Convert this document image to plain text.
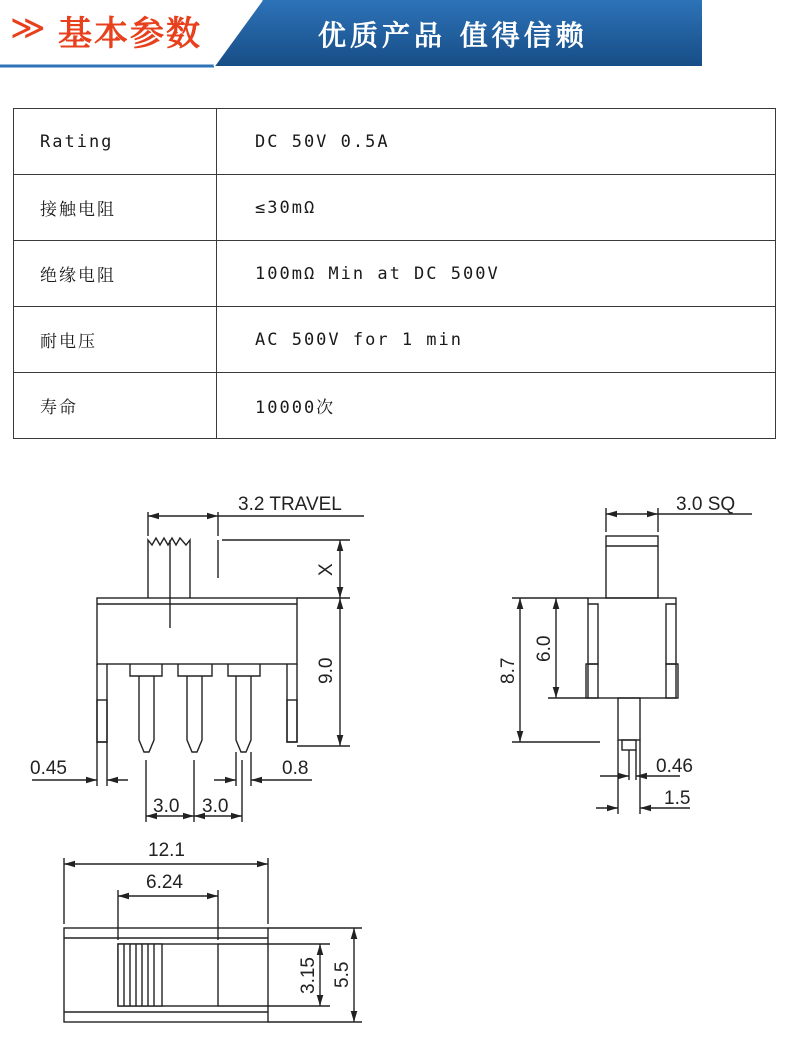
≫ 基本参数	优质产品 值得信赖
Rating	DC 50V 0.5A
接触电阻	≤30mΩ
绝缘电阻	100mΩ Min at DC 500V
耐电压	AC 500V for 1 min
寿命	10000次
3.2 TRAVEL
X
9.0
0.45	0.8
3.0 3.0
3.0 SQ
8.7
6.0
0.46
1.5
12.1
6.24
3.15 5.5
